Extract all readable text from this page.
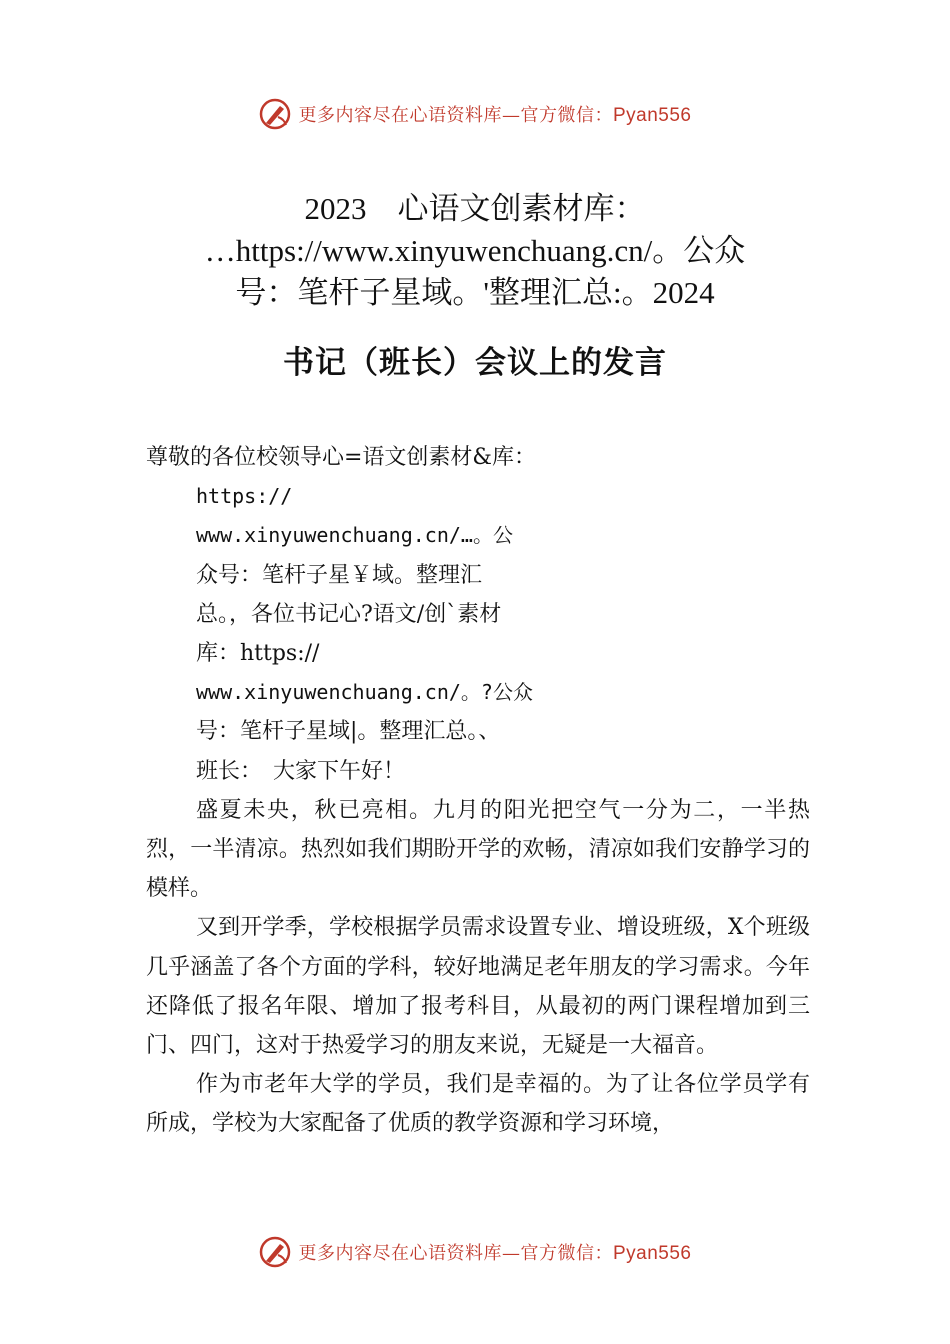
更多内容尽在心语资料库—官方微信：Pyan556
2023　心语文创素材库：
…https://www.xinyuwenchuang.cn/。公众
号：笔杆子星域。'整理汇总:。2024
书记（班长）会议上的发言
尊敬的各位校领导心=语文创素材&库：
https://
www.xinyuwenchuang.cn/…。公
众号：笔杆子星￥域。整理汇
总。，各位书记心?语文/创`素材
库：https://
www.xinyuwenchuang.cn/。?公众
号：笔杆子星域|。整理汇总。、
班长：　大家下午好！
盛夏未央，秋已亮相。九月的阳光把空气一分为二，一半热烈，一半清凉。热烈如我们期盼开学的欢畅，清凉如我们安静学习的模样。
又到开学季，学校根据学员需求设置专业、增设班级，X个班级几乎涵盖了各个方面的学科，较好地满足老年朋友的学习需求。今年还降低了报名年限、增加了报考科目，从最初的两门课程增加到三门、四门，这对于热爱学习的朋友来说，无疑是一大福音。
作为市老年大学的学员，我们是幸福的。为了让各位学员学有所成，学校为大家配备了优质的教学资源和学习环境，
更多内容尽在心语资料库—官方微信：Pyan556
